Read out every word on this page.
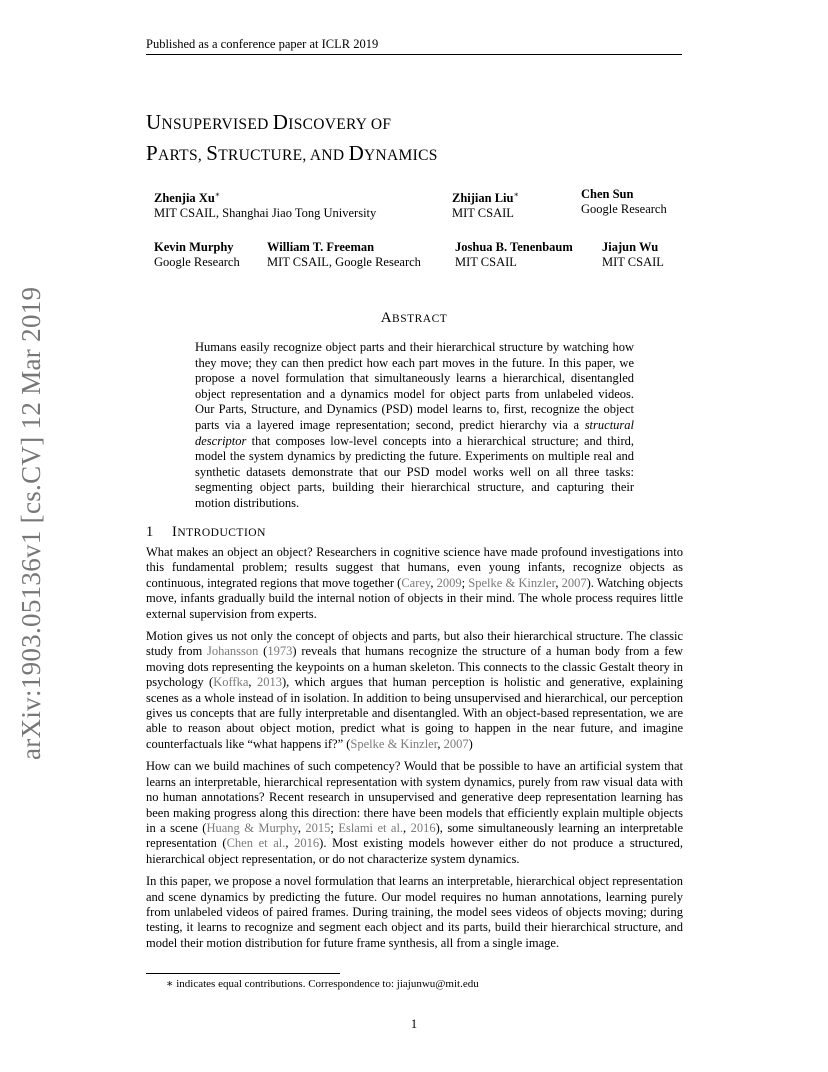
Published as a conference paper at ICLR 2019
UNSUPERVISED DISCOVERY OF
PARTS, STRUCTURE, AND DYNAMICS
Zhenjia Xu∗
MIT CSAIL, Shanghai Jiao Tong University
Zhijian Liu∗
MIT CSAIL
Chen Sun
Google Research
Kevin Murphy
Google Research
William T. Freeman
MIT CSAIL, Google Research
Joshua B. Tenenbaum
MIT CSAIL
Jiajun Wu
MIT CSAIL
arXiv:1903.05136v1 [cs.CV] 12 Mar 2019	ABSTRACT
Humans easily recognize object parts and their hierarchical structure by watching how they move; they can then predict how each part moves in the future. In this paper, we propose a novel formulation that simultaneously learns a hierarchical, disentangled object representation and a dynamics model for object parts from unlabeled videos. Our Parts, Structure, and Dynamics (PSD) model learns to, first, recognize the object parts via a layered image representation; second, predict hierarchy via a structural descriptor that composes low-level concepts into a hierarchical structure; and third, model the system dynamics by predicting the future. Experiments on multiple real and synthetic datasets demonstrate that our PSD model works well on all three tasks: segmenting object parts, building their hierarchical structure, and capturing their motion distributions.
1 INTRODUCTION

What makes an object an object? Researchers in cognitive science have made profound investigations into this fundamental problem; results suggest that humans, even young infants, recognize objects as continuous, integrated regions that move together (Carey, 2009; Spelke & Kinzler, 2007). Watching objects move, infants gradually build the internal notion of objects in their mind. The whole process requires little external supervision from experts.

Motion gives us not only the concept of objects and parts, but also their hierarchical structure. The classic study from Johansson (1973) reveals that humans recognize the structure of a human body from a few moving dots representing the keypoints on a human skeleton. This connects to the classic Gestalt theory in psychology (Koffka, 2013), which argues that human perception is holistic and generative, explaining scenes as a whole instead of in isolation. In addition to being unsupervised and hierarchical, our perception gives us concepts that are fully interpretable and disentangled. With an object-based representation, we are able to reason about object motion, predict what is going to happen in the near future, and imagine counterfactuals like “what happens if?” (Spelke & Kinzler, 2007)

How can we build machines of such competency? Would that be possible to have an artificial system that learns an interpretable, hierarchical representation with system dynamics, purely from raw visual data with no human annotations? Recent research in unsupervised and generative deep representation learning has been making progress along this direction: there have been models that efficiently explain multiple objects in a scene (Huang & Murphy, 2015; Eslami et al., 2016), some simultaneously learning an interpretable representation (Chen et al., 2016). Most existing models however either do not produce a structured, hierarchical object representation, or do not characterize system dynamics.

In this paper, we propose a novel formulation that learns an interpretable, hierarchical object representation and scene dynamics by predicting the future. Our model requires no human annotations, learning purely from unlabeled videos of paired frames. During training, the model sees videos of objects moving; during testing, it learns to recognize and segment each object and its parts, build their hierarchical structure, and model their motion distribution for future frame synthesis, all from a single image.

∗ indicates equal contributions. Correspondence to: jiajunwu@mit.edu
1
